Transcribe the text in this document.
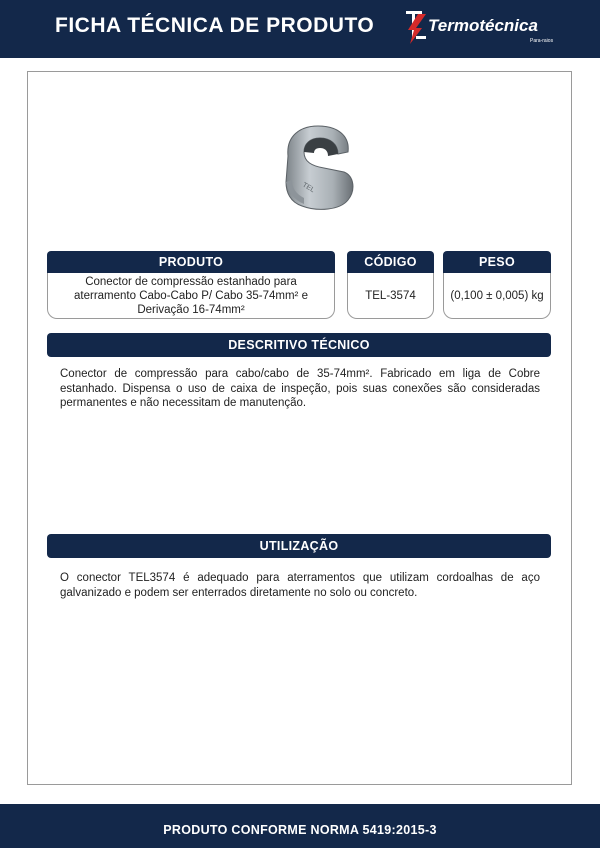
FICHA TÉCNICA DE PRODUTO	Termotécnica
Para-raios
TEL
PRODUTO
Conector de compressão estanhado para aterramento Cabo-Cabo P/ Cabo 35-74mm² e Derivação 16-74mm²
CÓDIGO
TEL-3574
PESO
(0,100 ± 0,005) kg
DESCRITIVO TÉCNICO
Conector de compressão para cabo/cabo de 35-74mm². Fabricado em liga de Cobre estanhado. Dispensa o uso de caixa de inspeção, pois suas conexões são consideradas permanentes e não necessitam de manutenção.
UTILIZAÇÃO
O conector TEL3574 é adequado para aterramentos que utilizam cordoalhas de aço galvanizado e podem ser enterrados diretamente no solo ou concreto.
PRODUTO CONFORME NORMA 5419:2015-3
